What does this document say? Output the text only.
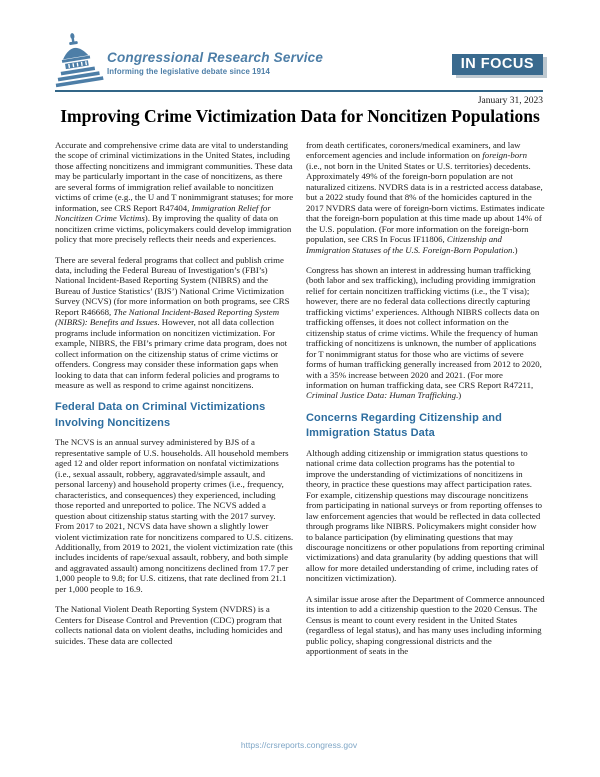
Congressional Research Service
Informing the legislative debate since 1914	IN FOCUS
January 31, 2023
Improving Crime Victimization Data for Noncitizen Populations

Accurate and comprehensive crime data are vital to understanding the scope of criminal victimizations in the United States, including those affecting noncitizens and immigrant communities. These data may be particularly important in the case of noncitizens, as there are several forms of immigration relief available to noncitizen victims of crime (e.g., the U and T nonimmigrant statuses; for more information, see CRS Report R47404, Immigration Relief for Noncitizen Crime Victims). By improving the quality of data on noncitizen crime victims, policymakers could develop immigration policy that more precisely reflects their needs and experiences.

There are several federal programs that collect and publish crime data, including the Federal Bureau of Investigation’s (FBI’s) National Incident-Based Reporting System (NIBRS) and the Bureau of Justice Statistics’ (BJS’) National Crime Victimization Survey (NCVS) (for more information on both programs, see CRS Report R46668, The National Incident-Based Reporting System (NIBRS): Benefits and Issues. However, not all data collection programs include information on noncitizen victimization. For example, NIBRS, the FBI’s primary crime data program, does not collect information on the citizenship status of crime victims or offenders. Congress may consider these information gaps when looking to data that can inform federal policies and programs to measure as well as respond to crime against noncitizens.

Federal Data on Criminal Victimizations Involving Noncitizens

The NCVS is an annual survey administered by BJS of a representative sample of U.S. households. All household members aged 12 and older report information on nonfatal victimizations (i.e., sexual assault, robbery, aggravated/simple assault, and personal larceny) and household property crimes (i.e., frequency, characteristics, and consequences) they experienced, including those reported and unreported to police. The NCVS added a question about citizenship status starting with the 2017 survey. From 2017 to 2021, NCVS data have shown a slightly lower violent victimization rate for noncitizens compared to U.S. citizens. Additionally, from 2019 to 2021, the violent victimization rate (this includes incidents of rape/sexual assault, robbery, and both simple and aggravated assault) among noncitizens declined from 17.7 per 1,000 people to 9.8; for U.S. citizens, that rate declined from 21.1 per 1,000 people to 16.9.

The National Violent Death Reporting System (NVDRS) is a Centers for Disease Control and Prevention (CDC) program that collects national data on violent deaths, including homicides and suicides. These data are collected

from death certificates, coroners/medical examiners, and law enforcement agencies and include information on foreign-born (i.e., not born in the United States or U.S. territories) decedents. Approximately 49% of the foreign-born population are not naturalized citizens. NVDRS data is in a restricted access database, but a 2022 study found that 8% of the homicides captured in the 2017 NVDRS data were of foreign-born victims. Estimates indicate that the foreign-born population at this time made up about 14% of the U.S. population. (For more information on the foreign-born population, see CRS In Focus IF11806, Citizenship and Immigration Statuses of the U.S. Foreign-Born Population.)

Congress has shown an interest in addressing human trafficking (both labor and sex trafficking), including providing immigration relief for certain noncitizen trafficking victims (i.e., the T visa); however, there are no federal data collections directly capturing trafficking victims’ experiences. Although NIBRS collects data on trafficking offenses, it does not collect information on the citizenship status of crime victims. While the frequency of human trafficking of noncitizens is unknown, the number of applications for T nonimmigrant status for those who are victims of severe forms of human trafficking generally increased from 2012 to 2020, with a 35% increase between 2020 and 2021. (For more information on human trafficking data, see CRS Report R47211, Criminal Justice Data: Human Trafficking.)

Concerns Regarding Citizenship and Immigration Status Data

Although adding citizenship or immigration status questions to national crime data collection programs has the potential to improve the understanding of victimizations of noncitizens in theory, in practice these questions may affect participation rates. For example, citizenship questions may discourage noncitizens from participating in national surveys or from reporting offenses to law enforcement agencies that would be reflected in data collected through programs like NIBRS. Policymakers might consider how to balance participation (by eliminating questions that may discourage noncitizens or other populations from reporting criminal victimizations) and data granularity (by adding questions that will allow for more detailed understanding of crime, including rates of noncitizen victimization).

A similar issue arose after the Department of Commerce announced its intention to add a citizenship question to the 2020 Census. The Census is meant to count every resident in the United States (regardless of legal status), and has many uses including informing public policy, shaping congressional districts and the apportionment of seats in the

https://crsreports.congress.gov
